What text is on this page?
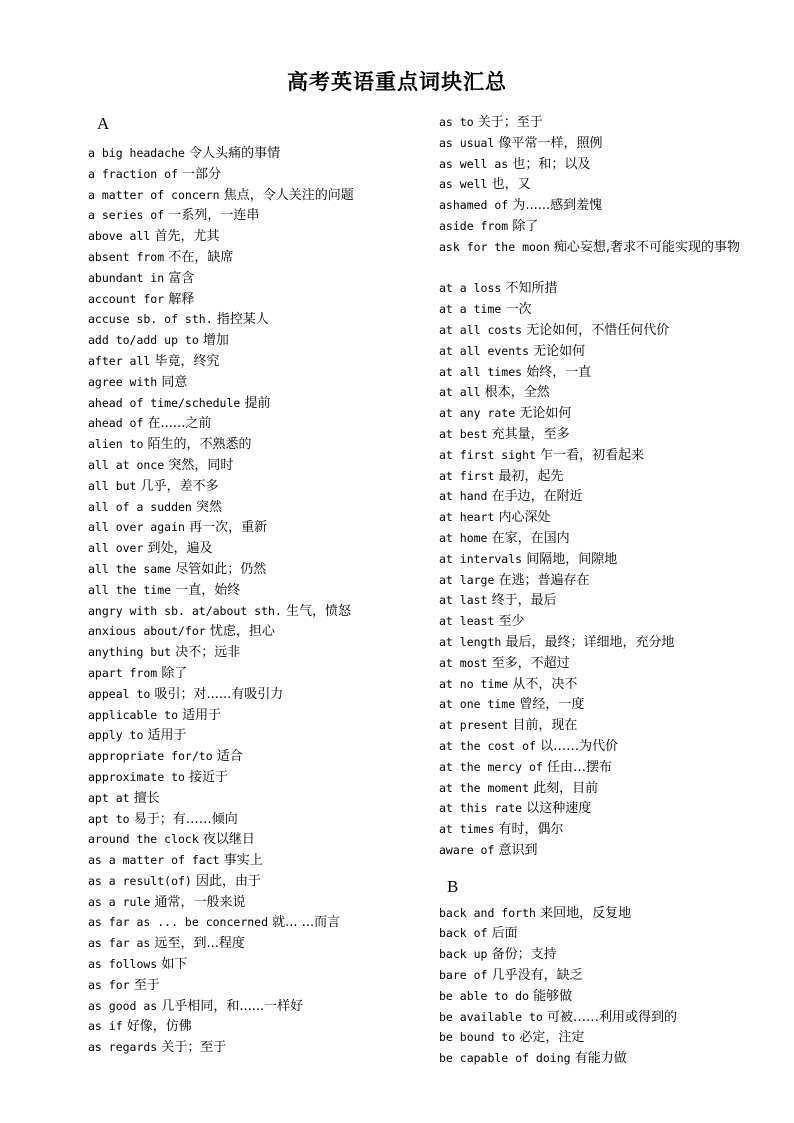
高考英语重点词块汇总
A
a big headache 令人头痛的事情
a fraction of 一部分
a matter of concern 焦点，令人关注的问题
a series of 一系列，一连串
above all 首先，尤其
absent from 不在，缺席
abundant in 富含
account for 解释
accuse sb. of sth. 指控某人
add to/add up to 增加
after all 毕竟，终究
agree with 同意
ahead of time/schedule 提前
ahead of 在......之前
alien to 陌生的，不熟悉的
all at once 突然，同时
all but 几乎，差不多
all of a sudden 突然
all over again 再一次，重新
all over 到处，遍及
all the same 尽管如此；仍然
all the time 一直，始终
angry with sb. at/about sth. 生气，愤怒
anxious about/for 忧虑，担心
anything but 决不；远非
apart from 除了
appeal to 吸引；对......有吸引力
applicable to 适用于
apply to 适用于
appropriate for/to 适合
approximate to 接近于
apt at 擅长
apt to 易于；有……倾向
around the clock 夜以继日
as a matter of fact 事实上
as a result(of) 因此，由于
as a rule 通常，一般来说
as far as ... be concerned 就... ...而言
as far as 远至，到...程度
as follows 如下
as for 至于
as good as 几乎相同，和......一样好
as if 好像，仿佛
as regards 关于；至于
as to 关于；至于
as usual 像平常一样，照例
as well as 也；和；以及
as well 也，又
ashamed of 为......感到羞愧
aside from 除了
ask for the moon 痴心妄想,奢求不可能实现的事物
at a loss 不知所措
at a time 一次
at all costs 无论如何，不惜任何代价
at all events 无论如何
at all times 始终，一直
at all 根本，全然
at any rate 无论如何
at best 充其量，至多
at first sight 乍一看，初看起来
at first 最初，起先
at hand 在手边，在附近
at heart 内心深处
at home 在家，在国内
at intervals 间隔地，间隙地
at large 在逃；普遍存在
at last 终于，最后
at least 至少
at length 最后，最终；详细地，充分地
at most 至多，不超过
at no time 从不，决不
at one time 曾经，一度
at present 目前，现在
at the cost of 以……为代价
at the mercy of 任由…摆布
at the moment 此刻，目前
at this rate 以这种速度
at times 有时，偶尔
aware of 意识到
B
back and forth 来回地，反复地
back of 后面
back up 备份；支持
bare of 几乎没有，缺乏
be able to do 能够做
be available to 可被……利用或得到的
be bound to 必定，注定
be capable of doing 有能力做
